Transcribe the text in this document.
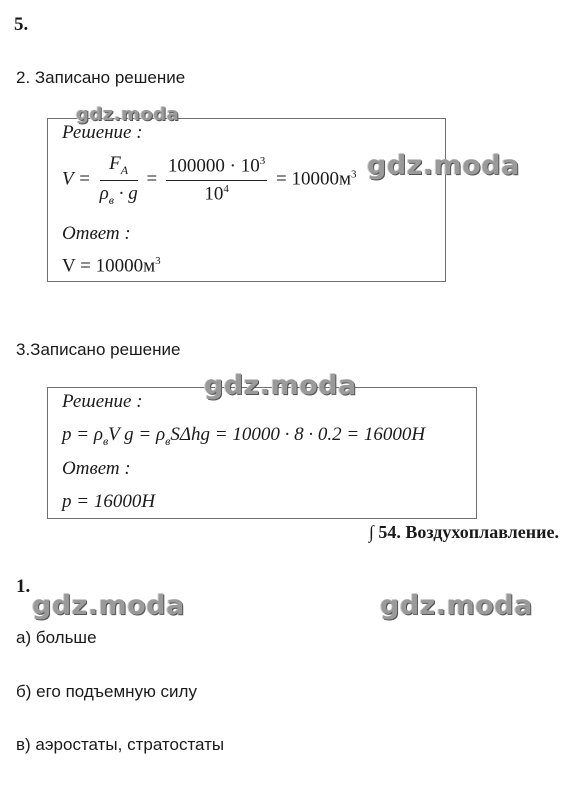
5.
2. Записано решение
Решение :
$V = \frac{F_A}{\rho_в \cdot g} = \frac{100000 \cdot 10^3}{10^4} = 10000м^3$
Ответ :
$V = 10000м^3$
3.Записано решение
Решение :
$p = \rho_вV$ $g = \rho_вS\Delta hg = 10000 \cdot 8 \cdot 0.2 = 16000H$
Ответ :
p = 16000H
∫ 54. Воздухоплавление.
1.
а) больше
б) его подъемную силу
в) аэростаты, стратостаты
gdz.moda
gdz.moda
gdz.moda
gdz.moda	gdz.moda
